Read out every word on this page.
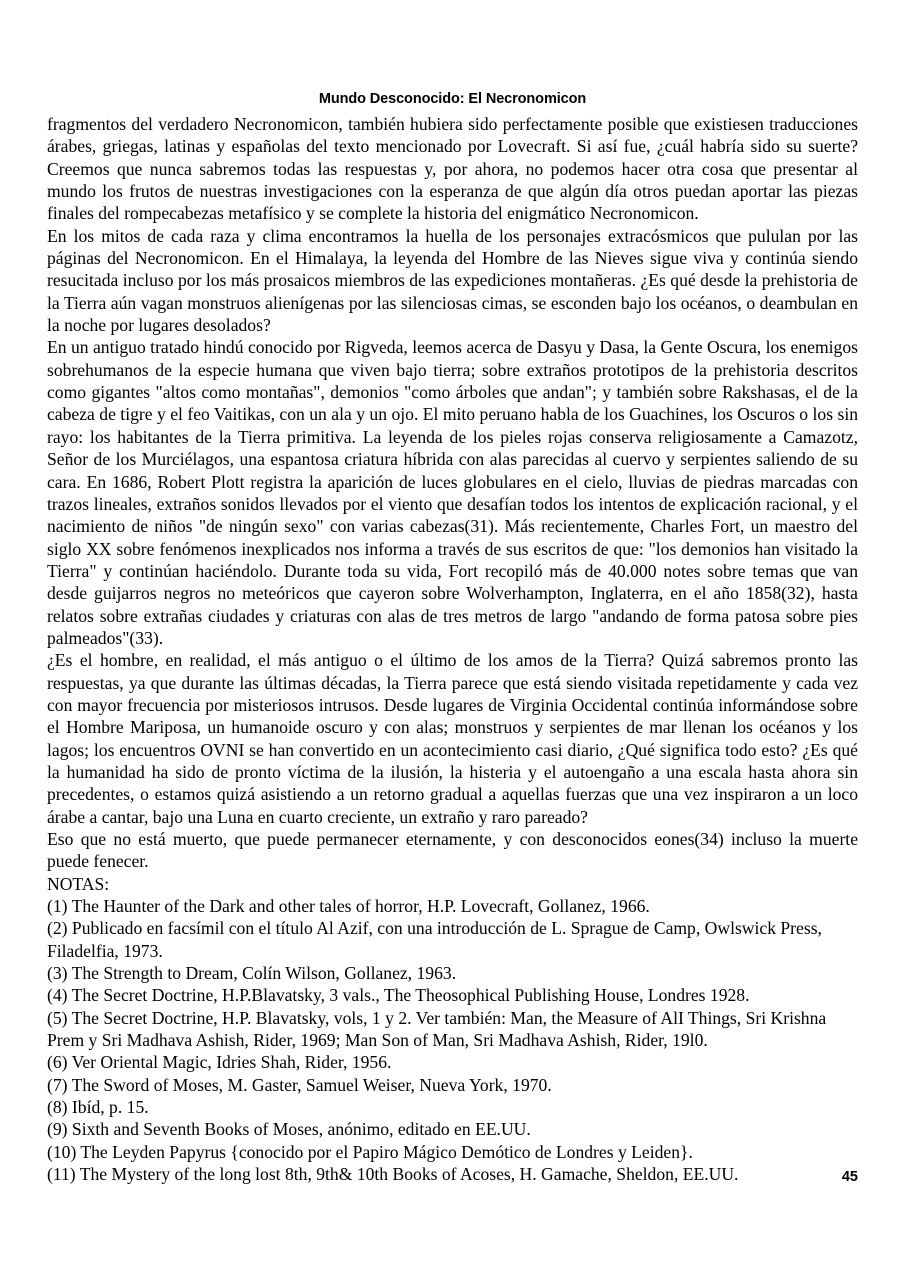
Mundo Desconocido: El Necronomicon

fragmentos del verdadero Necronomicon, también hubiera sido perfectamente posible que existiesen traducciones árabes, griegas, latinas y españolas del texto mencionado por Lovecraft. Si así fue, ¿cuál habría sido su suerte? Creemos que nunca sabremos todas las respuestas y, por ahora, no podemos hacer otra cosa que presentar al mundo los frutos de nuestras investigaciones con la esperanza de que algún día otros puedan aportar las piezas finales del rompecabezas metafísico y se complete la historia del enigmático Necronomicon.

En los mitos de cada raza y clima encontramos la huella de los personajes extracósmicos que pululan por las páginas del Necronomicon. En el Himalaya, la leyenda del Hombre de las Nieves sigue viva y continúa siendo resucitada incluso por los más prosaicos miembros de las expediciones montañeras. ¿Es qué desde la prehistoria de la Tierra aún vagan monstruos alienígenas por las silenciosas cimas, se esconden bajo los océanos, o deambulan en la noche por lugares desolados?

En un antiguo tratado hindú conocido por Rigveda, leemos acerca de Dasyu y Dasa, la Gente Oscura, los enemigos sobrehumanos de la especie humana que viven bajo tierra; sobre extraños prototipos de la prehistoria descritos como gigantes "altos como montañas", demonios "como árboles que andan"; y también sobre Rakshasas, el de la cabeza de tigre y el feo Vaitikas, con un ala y un ojo. El mito peruano habla de los Guachines, los Oscuros o los sin rayo: los habitantes de la Tierra primitiva. La leyenda de los pieles rojas conserva religiosamente a Camazotz, Señor de los Murciélagos, una espantosa criatura híbrida con alas parecidas al cuervo y serpientes saliendo de su cara. En 1686, Robert Plott registra la aparición de luces globulares en el cielo, lluvias de piedras marcadas con trazos lineales, extraños sonidos llevados por el viento que desafían todos los intentos de explicación racional, y el nacimiento de niños "de ningún sexo" con varias cabezas(31). Más recientemente, Charles Fort, un maestro del siglo XX sobre fenómenos inexplicados nos informa a través de sus escritos de que: "los demonios han visitado la Tierra" y continúan haciéndolo. Durante toda su vida, Fort recopiló más de 40.000 notes sobre temas que van desde guijarros negros no meteóricos que cayeron sobre Wolverhampton, Inglaterra, en el año 1858(32), hasta relatos sobre extrañas ciudades y criaturas con alas de tres metros de largo "andando de forma patosa sobre pies palmeados"(33).

¿Es el hombre, en realidad, el más antiguo o el último de los amos de la Tierra? Quizá sabremos pronto las respuestas, ya que durante las últimas décadas, la Tierra parece que está siendo visitada repetidamente y cada vez con mayor frecuencia por misteriosos intrusos. Desde lugares de Virginia Occidental continúa informándose sobre el Hombre Mariposa, un humanoide oscuro y con alas; monstruos y serpientes de mar llenan los océanos y los lagos; los encuentros OVNI se han convertido en un acontecimiento casi diario, ¿Qué significa todo esto? ¿Es qué la humanidad ha sido de pronto víctima de la ilusión, la histeria y el autoengaño a una escala hasta ahora sin precedentes, o estamos quizá asistiendo a un retorno gradual a aquellas fuerzas que una vez inspiraron a un loco árabe a cantar, bajo una Luna en cuarto creciente, un extraño y raro pareado?

Eso que no está muerto, que puede permanecer eternamente, y con desconocidos eones(34) incluso la muerte puede fenecer.

NOTAS:

(1) The Haunter of the Dark and other tales of horror, H.P. Lovecraft, Gollanez, 1966.

(2) Publicado en facsímil con el título Al Azif, con una introducción de L. Sprague de Camp, Owlswick Press, Filadelfia, 1973.

(3) The Strength to Dream, Colín Wilson, Gollanez, 1963.

(4) The Secret Doctrine, H.P.Blavatsky, 3 vals., The Theosophical Publishing House, Londres 1928.

(5) The Secret Doctrine, H.P. Blavatsky, vols, 1 y 2. Ver también: Man, the Measure of AlI Things, Sri Krishna Prem y Sri Madhava Ashish, Rider, 1969; Man Son of Man, Sri Madhava Ashish, Rider, 19l0.

(6) Ver Oriental Magic, Idries Shah, Rider, 1956.

(7) The Sword of Moses, M. Gaster, Samuel Weiser, Nueva York, 1970.

(8) Ibíd, p. 15.

(9) Sixth and Seventh Books of Moses, anónimo, editado en EE.UU.

(10) The Leyden Papyrus {conocido por el Papiro Mágico Demótico de Londres y Leiden}.

(11) The Mystery of the long lost 8th, 9th& 10th Books of Acoses, H. Gamache, Sheldon, EE.UU.	45
